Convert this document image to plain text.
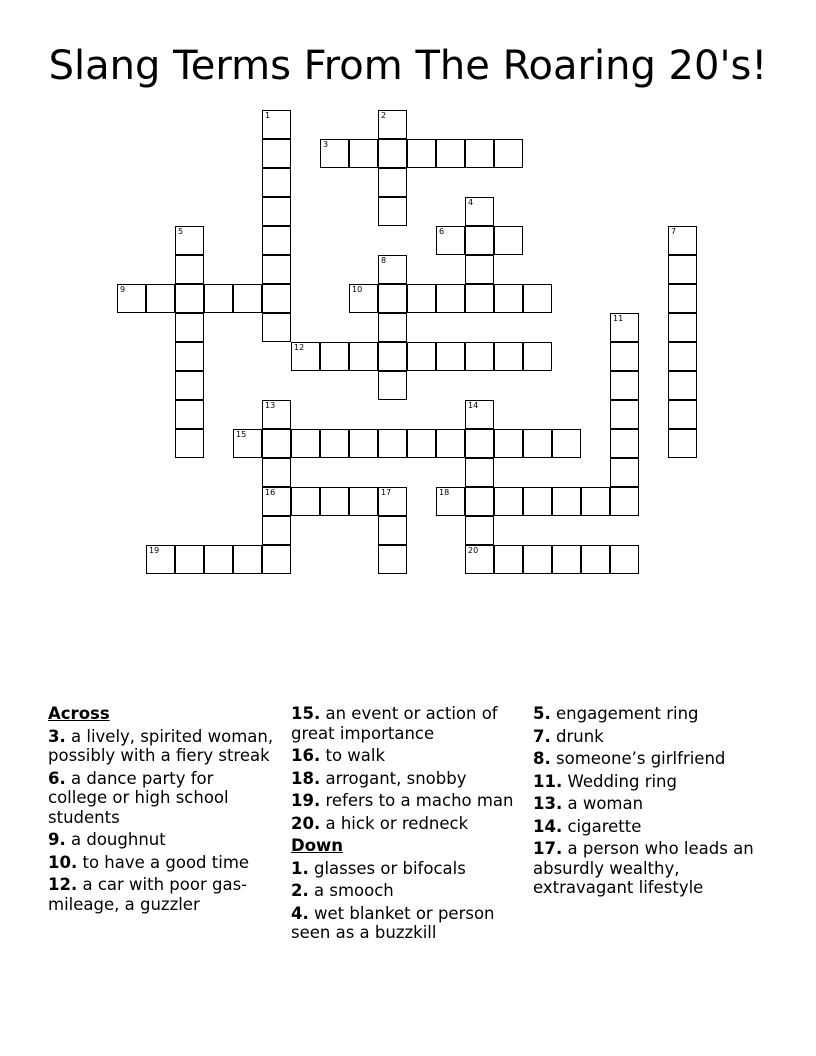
Slang Terms From The Roaring 20's!
1	2
3
4
5	6	7
8
9	10
11
12
13
16
14
20
15
17	18
19
Across
3. a lively, spirited woman, possibly with a fiery streak
6. a dance party for college or high school students
9. a doughnut
10. to have a good time
12. a car with poor gas-mileage, a guzzler
15. an event or action of great importance
16. to walk
18. arrogant, snobby
19. refers to a macho man
20. a hick or redneck
Down
1. glasses or bifocals
2. a smooch
4. wet blanket or person seen as a buzzkill
5. engagement ring
7. drunk
8. someone’s girlfriend
11. Wedding ring
13. a woman
14. cigarette
17. a person who leads an absurdly wealthy, extravagant lifestyle
